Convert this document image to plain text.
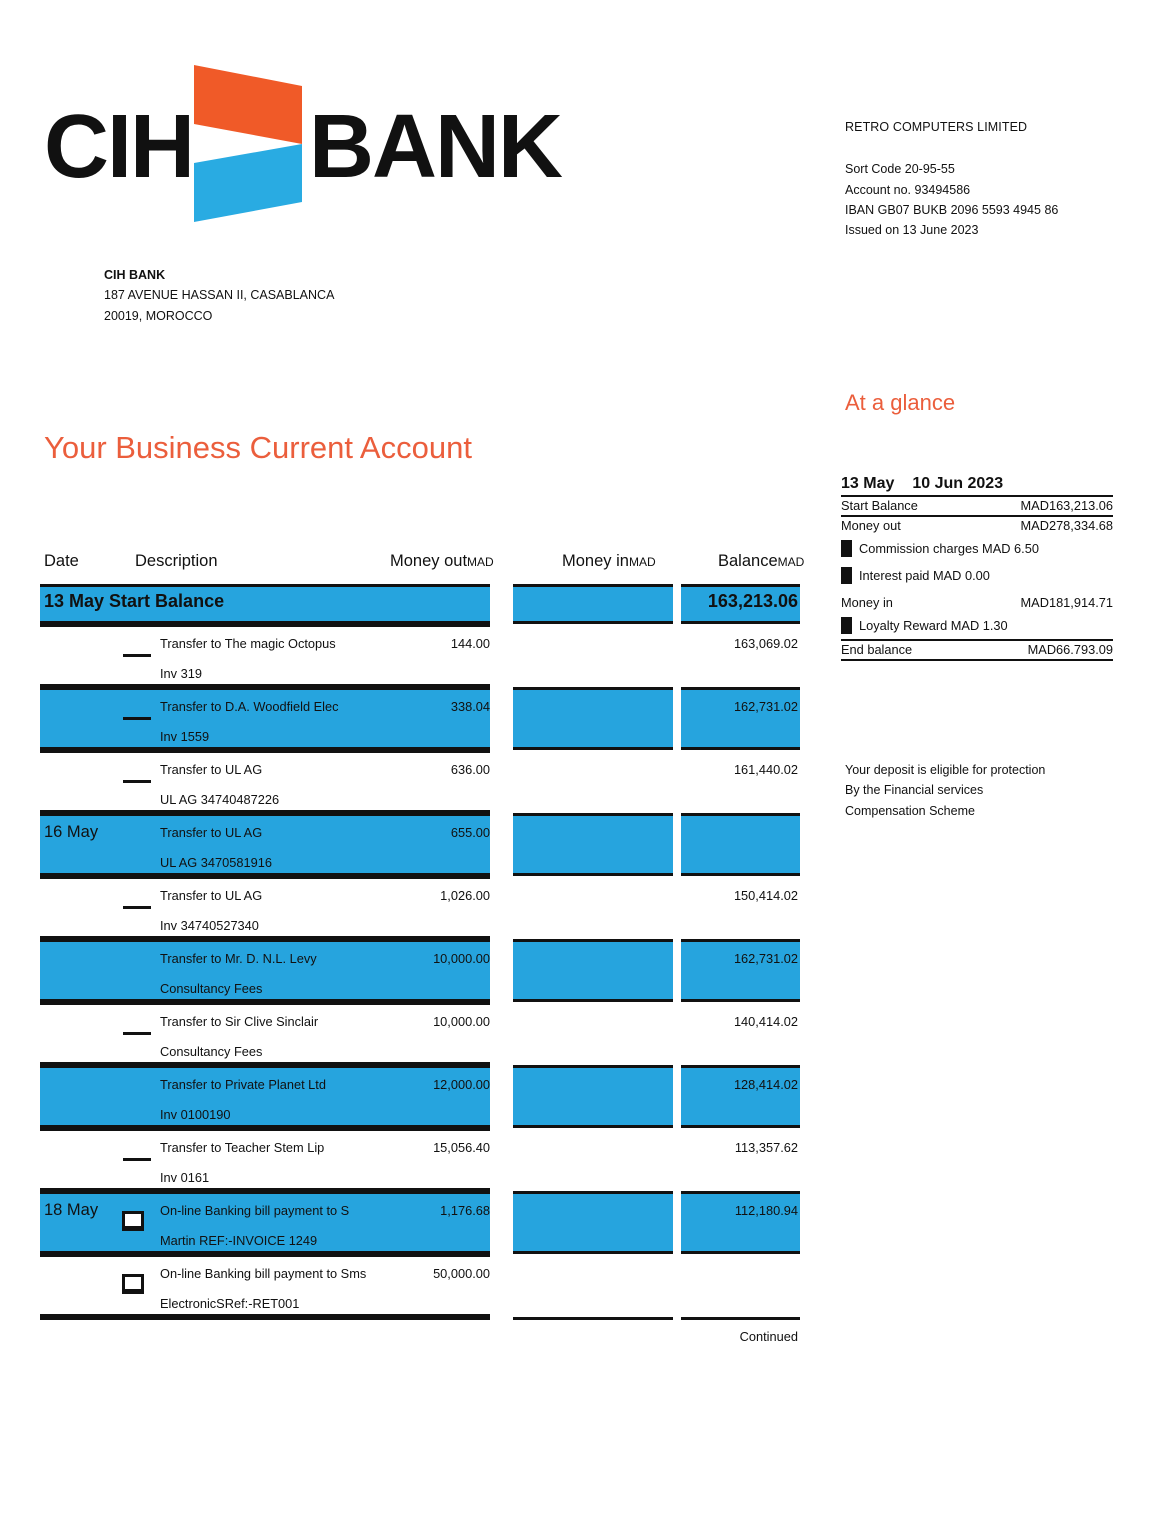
CIH BANK
CIH BANK
187 AVENUE HASSAN II, CASABLANCA
20019, MOROCCO
RETRO COMPUTERS LIMITED
Sort Code 20-95-55
Account no. 93494586
IBAN GB07 BUKB 2096 5593 4945 86
Issued on 13 June 2023
Your Business Current Account
At a glance
13 May 10 Jun 2023
Start Balance	MAD163,213.06
Money out	MAD278,334.68
Commission charges MAD 6.50
Interest paid MAD 0.00
Money in	MAD181,914.71
Loyalty Reward MAD 1.30
End balance	MAD66.793.09
Your deposit is eligible for protection
By the Financial services
Compensation Scheme
Date	Description	Money outMAD	Money inMAD	BalanceMAD
13 May Start Balance	163,213.06
Transfer to The magic Octopus
Inv 319
144.00	163,069.02
Transfer to D.A. Woodfield Elec
Inv 1559
338.04	162,731.02
Transfer to UL AG
UL AG 34740487226
636.00	161,440.02
16 May	Transfer to UL AG
UL AG 3470581916
655.00
Transfer to UL AG
Inv 34740527340
1,026.00	150,414.02
Transfer to Mr. D. N.L. Levy
Consultancy Fees
10,000.00	162,731.02
Transfer to Sir Clive Sinclair
Consultancy Fees
10,000.00	140,414.02
Transfer to Private Planet Ltd
Inv 0100190
12,000.00	128,414.02
Transfer to Teacher Stem Lip
Inv 0161
15,056.40	113,357.62
18 May	On-line Banking bill payment to S
Martin REF:-INVOICE 1249
1,176.68	112,180.94
On-line Banking bill payment to Sms
ElectronicSRef:-RET001
50,000.00
Continued
